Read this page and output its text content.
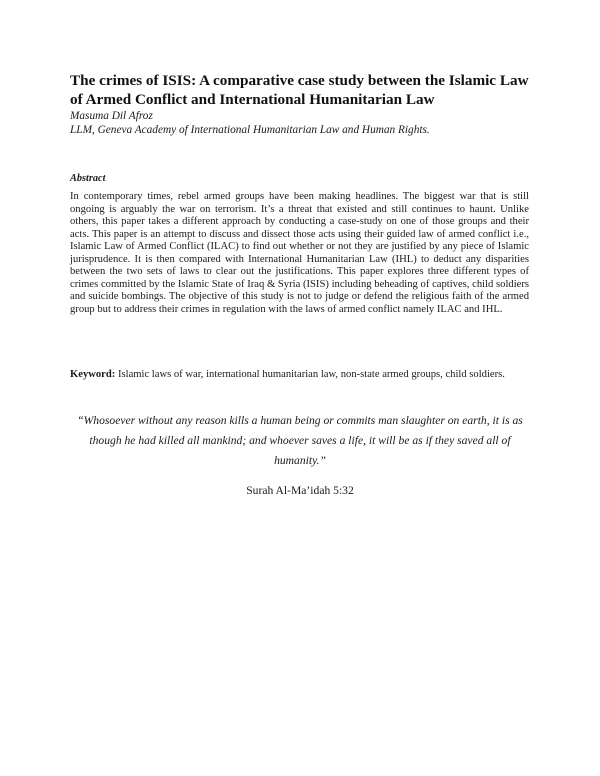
The crimes of ISIS: A comparative case study between the Islamic Law of Armed Conflict and International Humanitarian Law
Masuma Dil Afroz
LLM, Geneva Academy of International Humanitarian Law and Human Rights.
Abstract
In contemporary times, rebel armed groups have been making headlines. The biggest war that is still ongoing is arguably the war on terrorism. It’s a threat that existed and still continues to haunt. Unlike others, this paper takes a different approach by conducting a case-study on one of those groups and their acts. This paper is an attempt to discuss and dissect those acts using their guided law of armed conflict i.e., Islamic Law of Armed Conflict (ILAC) to find out whether or not they are justified by any piece of Islamic jurisprudence. It is then compared with International Humanitarian Law (IHL) to deduct any disparities between the two sets of laws to clear out the justifications. This paper explores three different types of crimes committed by the Islamic State of Iraq & Syria (ISIS) including beheading of captives, child soldiers and suicide bombings. The objective of this study is not to judge or defend the religious faith of the armed group but to address their crimes in regulation with the laws of armed conflict namely ILAC and IHL.
Keyword: Islamic laws of war, international humanitarian law, non-state armed groups, child soldiers.
“Whosoever without any reason kills a human being or commits man slaughter on earth, it is as though he had killed all mankind; and whoever saves a life, it will be as if they saved all of humanity.”
Surah Al-Ma’idah 5:32
